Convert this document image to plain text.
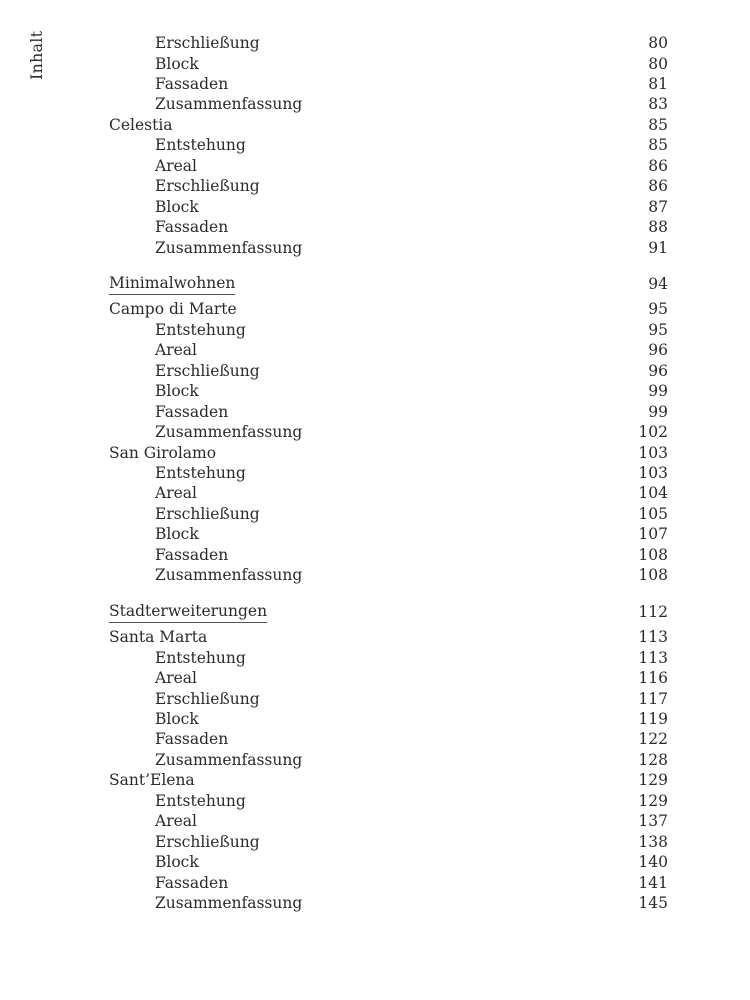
Inhalt	Erschließung	80
Block	80
Fassaden	81
Zusammenfassung	83
Celestia	85
Entstehung	85
Areal	86
Erschließung	86
Block	87
Fassaden	88
Zusammenfassung	91
Minimalwohnen	94
Campo di Marte	95
Entstehung	95
Areal	96
Erschließung	96
Block	99
Fassaden	99
Zusammenfassung	102
San Girolamo	103
Entstehung	103
Areal	104
Erschließung	105
Block	107
Fassaden	108
Zusammenfassung	108
Stadterweiterungen	112
Santa Marta	113
Entstehung	113
Areal	116
Erschließung	117
Block	119
Fassaden	122
Zusammenfassung	128
Sant’Elena	129
Entstehung	129
Areal	137
Erschließung	138
Block	140
Fassaden	141
Zusammenfassung	145
